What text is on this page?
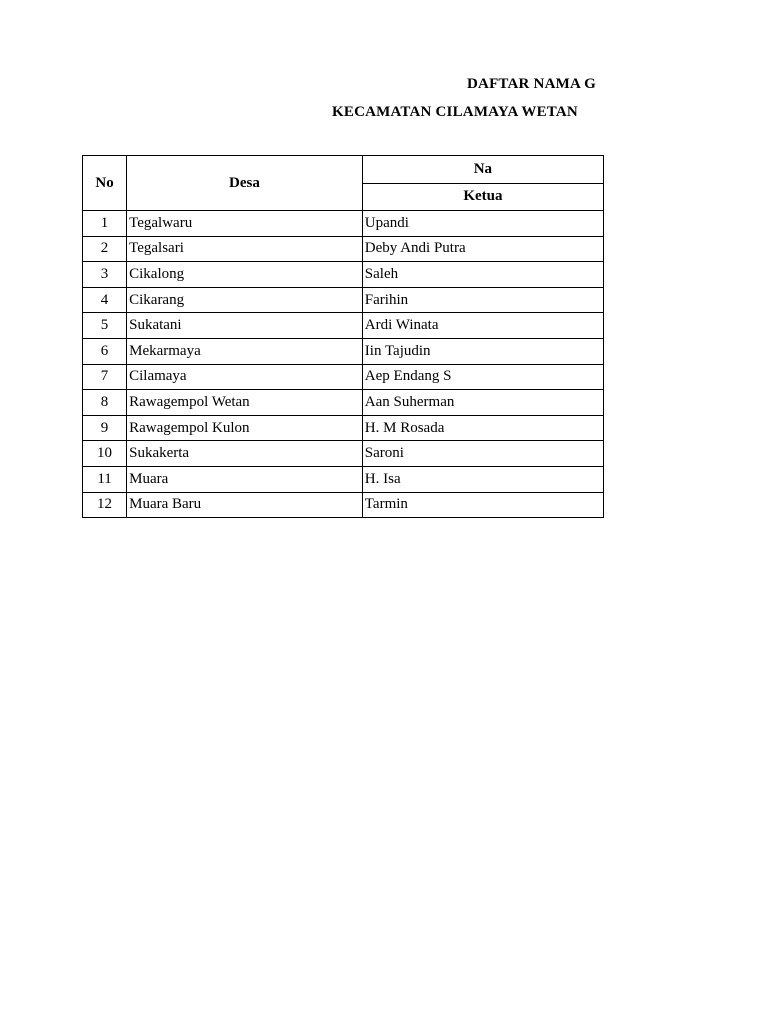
DAFTAR NAMA G
KECAMATAN CILAMAYA WETAN
No	Desa	Na
		Ketua
1	Tegalwaru	Upandi
2	Tegalsari	Deby Andi Putra
3	Cikalong	Saleh
4	Cikarang	Farihin
5	Sukatani	Ardi Winata
6	Mekarmaya	Iin Tajudin
7	Cilamaya	Aep Endang S
8	Rawagempol Wetan	Aan Suherman
9	Rawagempol Kulon	H. M Rosada
10	Sukakerta	Saroni
11	Muara	H. Isa
12	Muara Baru	Tarmin
